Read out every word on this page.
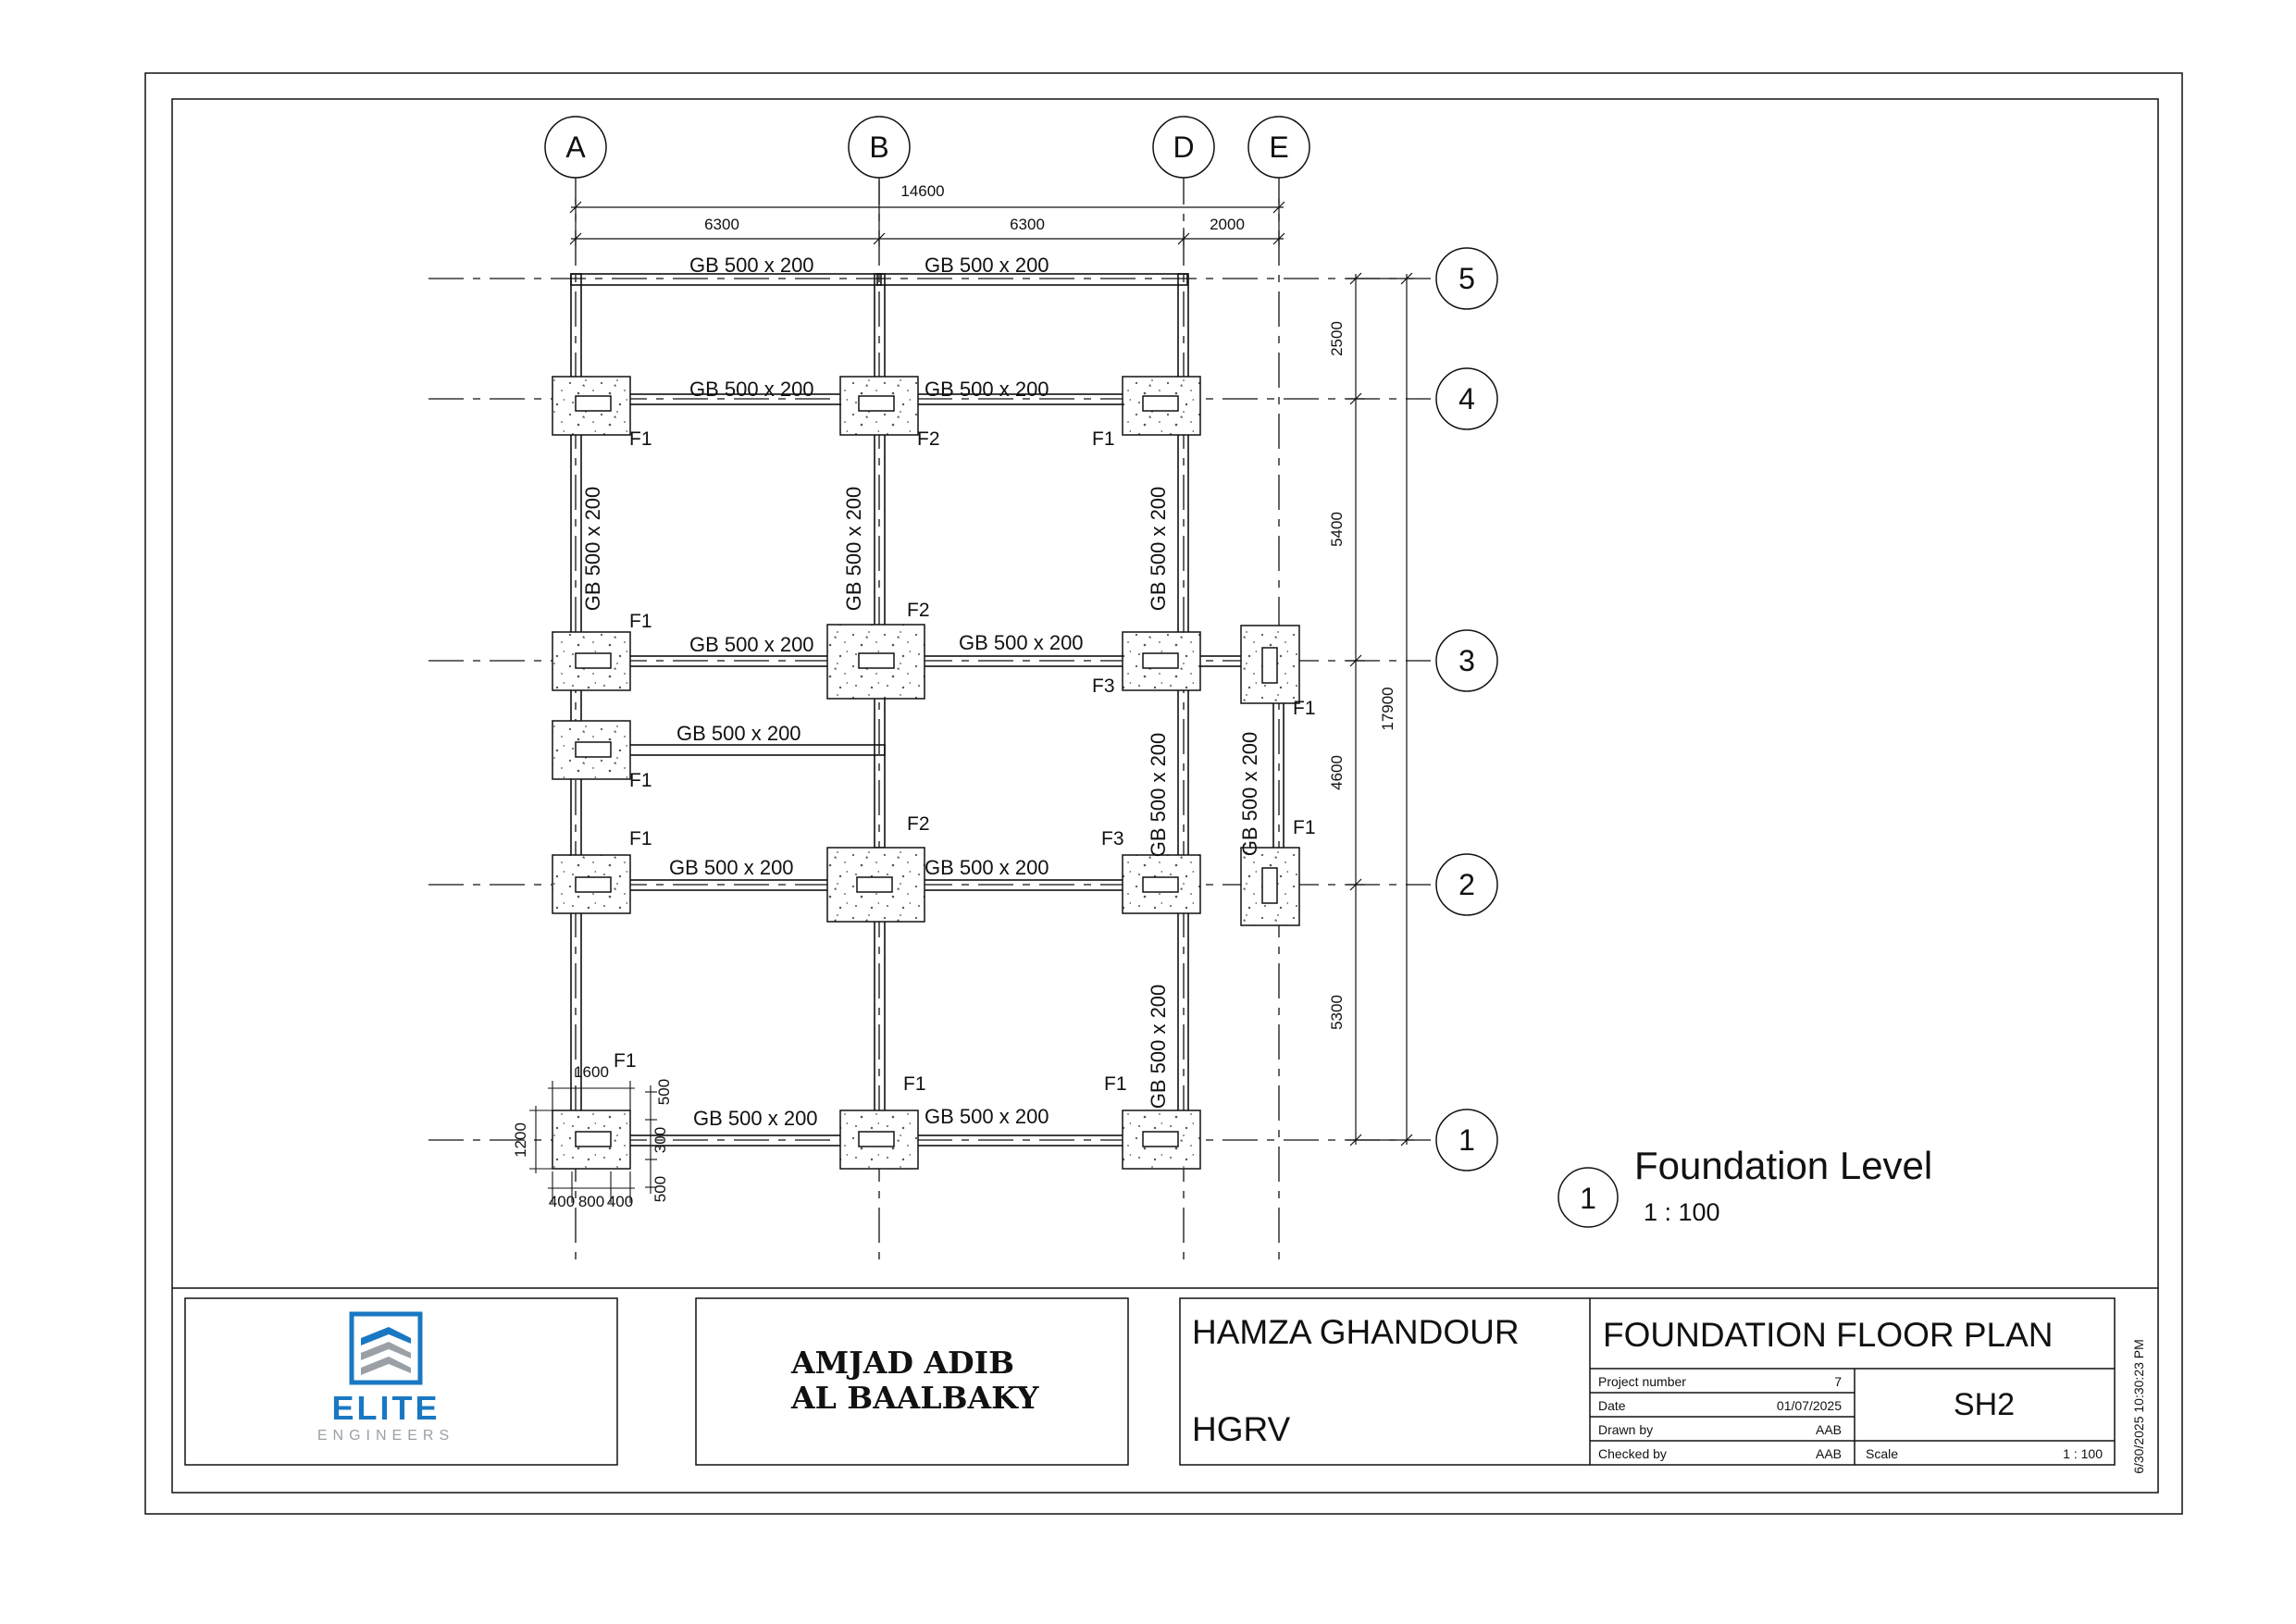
A	B	D	E
5
4
3
2
1
14600
6300	6300	2000
2500
5400
4600
5300
17900
GB 500 x 200	GB 500 x 200
GB 500 x 200	GB 500 x 200
GB 500 x 200	GB 500 x 200
GB 500 x 200
GB 500 x 200	GB 500 x 200
GB 500 x 200	GB 500 x 200
GB 500 x 200	GB 500 x 200	GB 500 x 200
GB 500 x 200	GB 500 x 200
GB 500 x 200
F1	F2	F1
F1
F2
F3
F1
F1
F1
F2
F3
F1
F1
F1	F1
1600
1200
400 800 400
500
300
500	1
Foundation Level
1 : 100
ELITE
ENGINEERS
AMJAD ADIB
AL BAALBAKY
HAMZA GHANDOUR
HGRV
FOUNDATION FLOOR PLAN
Project number	7
Date	01/07/2025
Drawn by	AAB
Checked by	AAB
SH2
Scale	1 : 100 6/30/2025 10:30:23 PM
